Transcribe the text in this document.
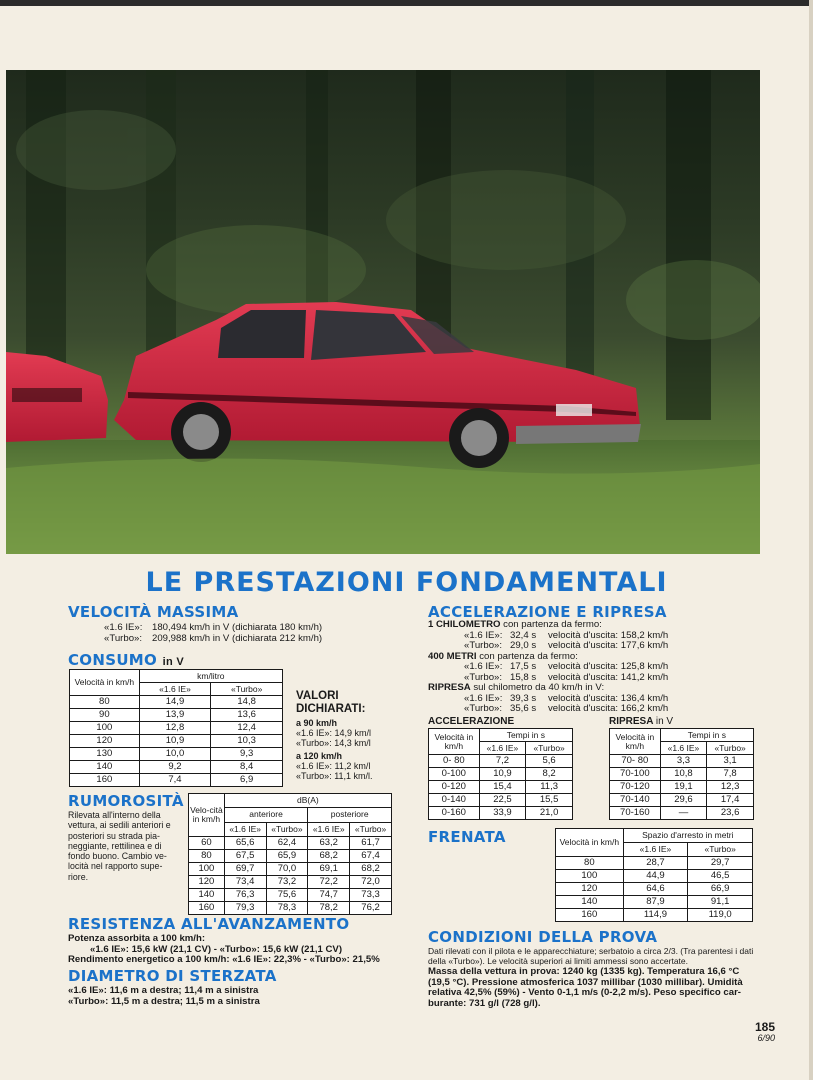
LE PRESTAZIONI FONDAMENTALI
VELOCITÀ MASSIMA
«1.6 IE»: 180,494 km/h in V (dichiarata 180 km/h)
«Turbo»: 209,988 km/h in V (dichiarata 212 km/h)
CONSUMO in V
Velocità in km/h	km/litro	
	«1.6 IE»	«Turbo»
80	14,9	14,8
90	13,9	13,6
100	12,8	12,4
120	10,9	10,3
130	10,0	9,3
140	9,2	8,4
160	7,4	6,9
VALORI
DICHIARATI:
a 90 km/h
«1.6 IE»: 14,9 km/l
«Turbo»: 14,3 km/l
a 120 km/h
«1.6 IE»: 11,2 km/l
«Turbo»: 11,1 km/l.
RUMOROSITÀ
Rilevata all'interno della
vettura, ai sedili anteriori e
posteriori su strada pia-
neggiante, rettilinea e di
fondo buono. Cambio ve-
locità nel rapporto supe-
riore.
Velo-cità in km/h	dB(A)			
	anteriore		posteriore	
	«1.6 IE»	«Turbo»	«1.6 IE»	«Turbo»
60	65,6	62,4	63,2	61,7
80	67,5	65,9	68,2	67,4
100	69,7	70,0	69,1	68,2
120	73,4	73,2	72,2	72,0
140	76,3	75,6	74,7	73,3
160	79,3	78,3	78,2	76,2
RESISTENZA ALL'AVANZAMENTO
Potenza assorbita a 100 km/h:
«1.6 IE»: 15,6 kW (21,1 CV) - «Turbo»: 15,6 kW (21,1 CV)
Rendimento energetico a 100 km/h: «1.6 IE»: 22,3% - «Turbo»: 21,5%
DIAMETRO DI STERZATA
«1.6 IE»: 11,6 m a destra; 11,4 m a sinistra
«Turbo»: 11,5 m a destra; 11,5 m a sinistra
ACCELERAZIONE E RIPRESA
1 CHILOMETRO con partenza da fermo:
«1.6 IE»: 32,4 s velocità d'uscita: 158,2 km/h
«Turbo»: 29,0 s velocità d'uscita: 177,6 km/h
400 METRI con partenza da fermo:
«1.6 IE»: 17,5 s velocità d'uscita: 125,8 km/h
«Turbo»: 15,8 s velocità d'uscita: 141,2 km/h
RIPRESA sul chilometro da 40 km/h in V:
«1.6 IE»: 39,3 s velocità d'uscita: 136,4 km/h
«Turbo»: 35,6 s velocità d'uscita: 166,2 km/h
ACCELERAZIONE
Velocità in km/h	Tempi in s	
	«1.6 IE»	«Turbo»
0- 80	7,2	5,6
0-100	10,9	8,2
0-120	15,4	11,3
0-140	22,5	15,5
0-160	33,9	21,0
RIPRESA in V
Velocità in km/h	Tempi in s	
	«1.6 IE»	«Turbo»
70- 80	3,3	3,1
70-100	10,8	7,8
70-120	19,1	12,3
70-140	29,6	17,4
70-160	—	23,6
FRENATA	Velocità in km/h	Spazio d'arresto in metri	
	«1.6 IE»	«Turbo»
80	28,7	29,7
100	44,9	46,5
120	64,6	66,9
140	87,9	91,1
160	114,9	119,0
CONDIZIONI DELLA PROVA
Dati rilevati con il pilota e le apparecchiature; serbatoio a circa 2/3. (Tra parentesi i dati
della «Turbo»). Le velocità superiori ai limiti ammessi sono accertate.
Massa della vettura in prova: 1240 kg (1335 kg). Temperatura 16,6 °C
(19,5 °C). Pressione atmosferica 1037 millibar (1030 millibar). Umidità
relativa 42,5% (59%) - Vento 0-1,1 m/s (0-2,2 m/s). Peso specifico car-
burante: 731 g/l (728 g/l).
185
6/90
